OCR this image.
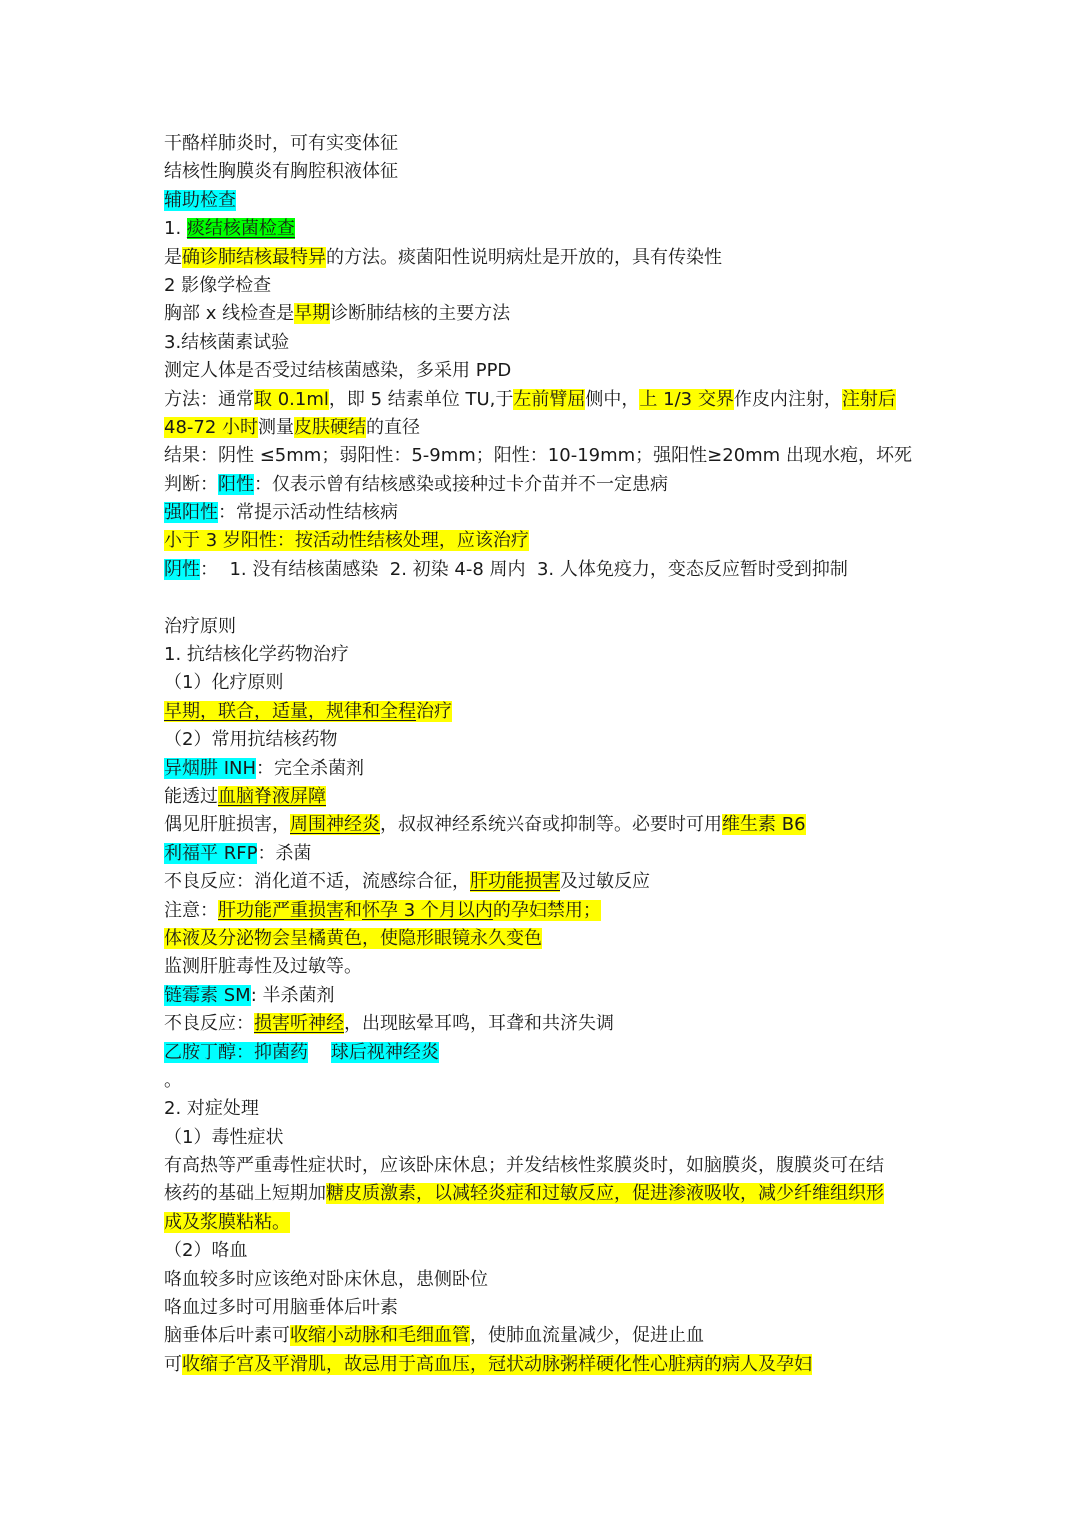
干酪样肺炎时，可有实变体征
结核性胸膜炎有胸腔积液体征
辅助检查
1. 痰结核菌检查
是确诊肺结核最特异的方法。痰菌阳性说明病灶是开放的，具有传染性
2 影像学检查
胸部 x 线检查是早期诊断肺结核的主要方法
3.结核菌素试验
测定人体是否受过结核菌感染，多采用 PPD
方法：通常取 0.1ml，即 5 结素单位 TU,于左前臂屈侧中，上 1/3 交界作皮内注射，注射后
48-72 小时测量皮肤硬结的直径
结果：阴性 ≤5mm；弱阳性：5-9mm；阳性：10-19mm；强阳性≥20mm 出现水疱，坏死
判断：阳性：仅表示曾有结核感染或接种过卡介苗并不一定患病
强阳性：常提示活动性结核病
小于 3 岁阳性：按活动性结核处理，应该治疗
阴性：  1. 没有结核菌感染  2. 初染 4-8 周内  3. 人体免疫力，变态反应暂时受到抑制
治疗原则
1. 抗结核化学药物治疗
（1）化疗原则
早期，联合，适量，规律和全程治疗
（2）常用抗结核药物
异烟肼 INH：完全杀菌剂
能透过血脑脊液屏障
偶见肝脏损害，周围神经炎，叔叔神经系统兴奋或抑制等。必要时可用维生素 B6
利福平 RFP：杀菌
不良反应：消化道不适，流感综合征，肝功能损害及过敏反应
注意：肝功能严重损害和怀孕 3 个月以内的孕妇禁用；
体液及分泌物会呈橘黄色，使隐形眼镜永久变色
监测肝脏毒性及过敏等。
链霉素 SM: 半杀菌剂
不良反应：损害听神经，出现眩晕耳鸣，耳聋和共济失调
乙胺丁醇：抑菌药 球后视神经炎
。
2. 对症处理
（1）毒性症状
有高热等严重毒性症状时，应该卧床休息；并发结核性浆膜炎时，如脑膜炎，腹膜炎可在结
核药的基础上短期加糖皮质激素，以减轻炎症和过敏反应，促进渗液吸收，减少纤维组织形
成及浆膜粘粘。
（2）咯血
咯血较多时应该绝对卧床休息，患侧卧位
咯血过多时可用脑垂体后叶素
脑垂体后叶素可收缩小动脉和毛细血管，使肺血流量减少，促进止血
可收缩子宫及平滑肌，故忌用于高血压，冠状动脉粥样硬化性心脏病的病人及孕妇
